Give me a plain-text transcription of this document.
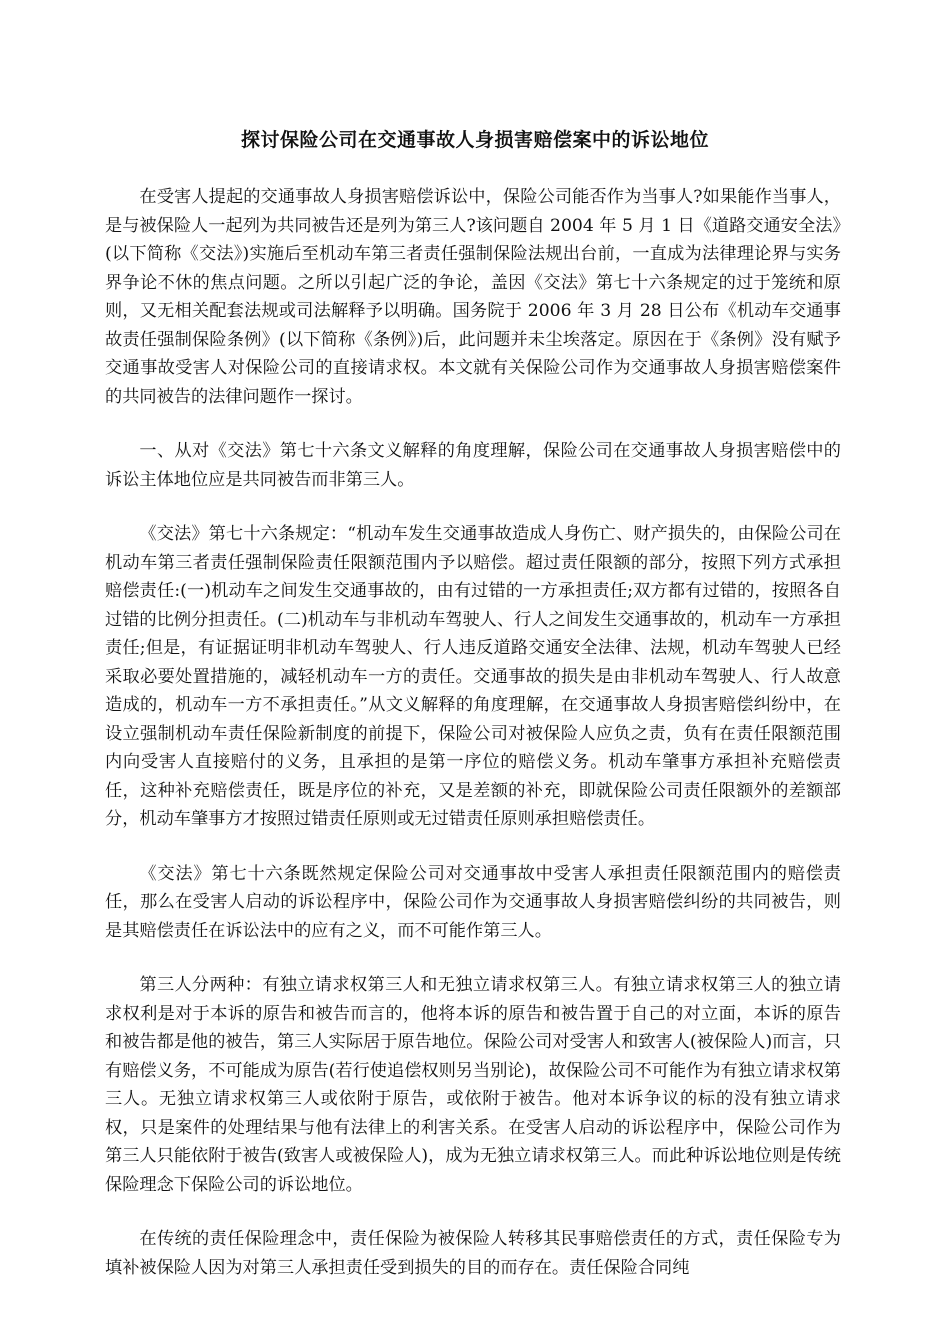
探讨保险公司在交通事故人身损害赔偿案中的诉讼地位

在受害人提起的交通事故人身损害赔偿诉讼中，保险公司能否作为当事人?如果能作当事人，是与被保险人一起列为共同被告还是列为第三人?该问题自 2004 年 5 月 1 日《道路交通安全法》(以下简称《交法》)实施后至机动车第三者责任强制保险法规出台前，一直成为法律理论界与实务界争论不休的焦点问题。之所以引起广泛的争论，盖因《交法》第七十六条规定的过于笼统和原则，又无相关配套法规或司法解释予以明确。国务院于 2006 年 3 月 28 日公布《机动车交通事故责任强制保险条例》(以下简称《条例》)后，此问题并未尘埃落定。原因在于《条例》没有赋予交通事故受害人对保险公司的直接请求权。本文就有关保险公司作为交通事故人身损害赔偿案件的共同被告的法律问题作一探讨。

一、从对《交法》第七十六条文义解释的角度理解，保险公司在交通事故人身损害赔偿中的诉讼主体地位应是共同被告而非第三人。

《交法》第七十六条规定：“机动车发生交通事故造成人身伤亡、财产损失的，由保险公司在机动车第三者责任强制保险责任限额范围内予以赔偿。超过责任限额的部分，按照下列方式承担赔偿责任:(一)机动车之间发生交通事故的，由有过错的一方承担责任;双方都有过错的，按照各自过错的比例分担责任。(二)机动车与非机动车驾驶人、行人之间发生交通事故的，机动车一方承担责任;但是，有证据证明非机动车驾驶人、行人违反道路交通安全法律、法规，机动车驾驶人已经采取必要处置措施的，减轻机动车一方的责任。交通事故的损失是由非机动车驾驶人、行人故意造成的，机动车一方不承担责任。”从文义解释的角度理解，在交通事故人身损害赔偿纠纷中，在设立强制机动车责任保险新制度的前提下，保险公司对被保险人应负之责，负有在责任限额范围内向受害人直接赔付的义务，且承担的是第一序位的赔偿义务。机动车肇事方承担补充赔偿责任，这种补充赔偿责任，既是序位的补充，又是差额的补充，即就保险公司责任限额外的差额部分，机动车肇事方才按照过错责任原则或无过错责任原则承担赔偿责任。

《交法》第七十六条既然规定保险公司对交通事故中受害人承担责任限额范围内的赔偿责任，那么在受害人启动的诉讼程序中，保险公司作为交通事故人身损害赔偿纠纷的共同被告，则是其赔偿责任在诉讼法中的应有之义，而不可能作第三人。

第三人分两种：有独立请求权第三人和无独立请求权第三人。有独立请求权第三人的独立请求权利是对于本诉的原告和被告而言的，他将本诉的原告和被告置于自己的对立面，本诉的原告和被告都是他的被告，第三人实际居于原告地位。保险公司对受害人和致害人(被保险人)而言，只有赔偿义务，不可能成为原告(若行使追偿权则另当别论)，故保险公司不可能作为有独立请求权第三人。无独立请求权第三人或依附于原告，或依附于被告。他对本诉争议的标的没有独立请求权，只是案件的处理结果与他有法律上的利害关系。在受害人启动的诉讼程序中，保险公司作为第三人只能依附于被告(致害人或被保险人)，成为无独立请求权第三人。而此种诉讼地位则是传统保险理念下保险公司的诉讼地位。

在传统的责任保险理念中，责任保险为被保险人转移其民事赔偿责任的方式，责任保险专为填补被保险人因为对第三人承担责任受到损失的目的而存在。责任保险合同纯
